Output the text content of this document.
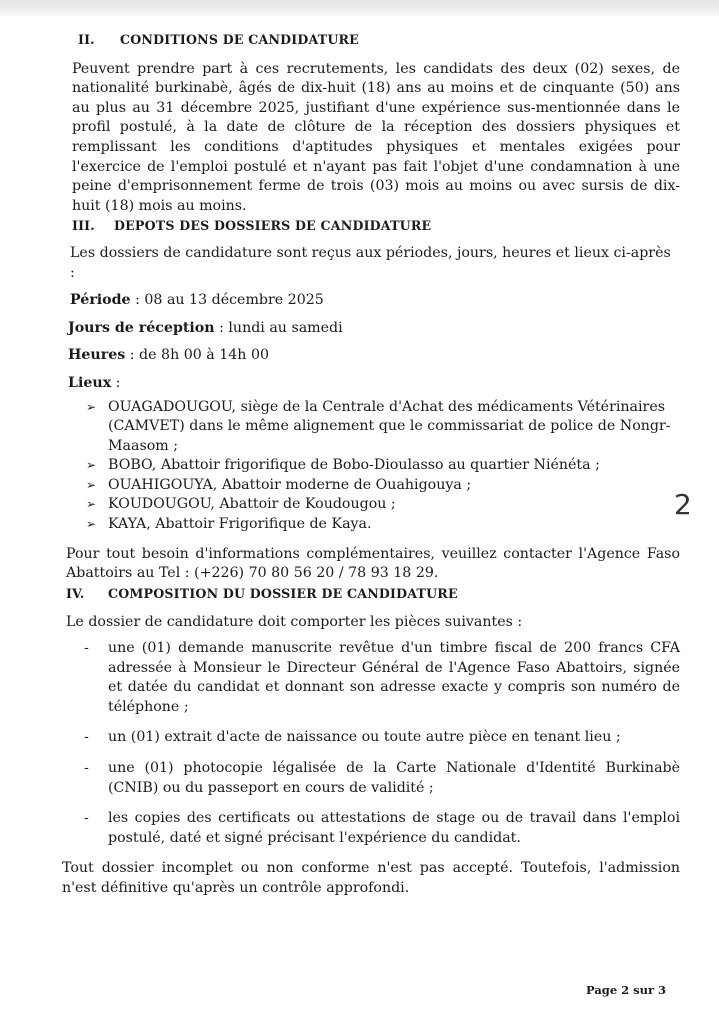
II.	CONDITIONS DE CANDIDATURE

Peuvent prendre part à ces recrutements, les candidats des deux (02) sexes, de nationalité burkinabè, âgés de dix-huit (18) ans au moins et de cinquante (50) ans au plus au 31 décembre 2025, justifiant d'une expérience sus-mentionnée dans le profil postulé, à la date de clôture de la réception des dossiers physiques et remplissant les conditions d'aptitudes physiques et mentales exigées pour l'exercice de l'emploi postulé et n'ayant pas fait l'objet d'une condamnation à une peine d'emprisonnement ferme de trois (03) mois au moins ou avec sursis de dix-huit (18) mois au moins.

III.	DEPOTS DES DOSSIERS DE CANDIDATURE

Les dossiers de candidature sont reçus aux périodes, jours, heures et lieux ci-après :

Période : 08 au 13 décembre 2025

Jours de réception : lundi au samedi

Heures : de 8h 00 à 14h 00

Lieux :

➢ OUAGADOUGOU, siège de la Centrale d'Achat des médicaments Vétérinaires (CAMVET) dans le même alignement que le commissariat de police de Nongr-Maasom ;
➢ BOBO, Abattoir frigorifique de Bobo-Dioulasso au quartier Niénéta ;
➢ OUAHIGOUYA, Abattoir moderne de Ouahigouya ;
➢ KOUDOUGOU, Abattoir de Koudougou ;
➢ KAYA, Abattoir Frigorifique de Kaya.

Pour tout besoin d'informations complémentaires, veuillez contacter l'Agence Faso Abattoirs au Tel : (+226) 70 80 56 20 / 78 93 18 29.

IV.	COMPOSITION DU DOSSIER DE CANDIDATURE

Le dossier de candidature doit comporter les pièces suivantes :

-	une (01) demande manuscrite revêtue d'un timbre fiscal de 200 francs CFA adressée à Monsieur le Directeur Général de l'Agence Faso Abattoirs, signée et datée du candidat et donnant son adresse exacte y compris son numéro de téléphone ;
-	un (01) extrait d'acte de naissance ou toute autre pièce en tenant lieu ;
-	une (01) photocopie légalisée de la Carte Nationale d'Identité Burkinabè (CNIB) ou du passeport en cours de validité ;
-	les copies des certificats ou attestations de stage ou de travail dans l'emploi postulé, daté et signé précisant l'expérience du candidat.

Tout dossier incomplet ou non conforme n'est pas accepté. Toutefois, l'admission n'est définitive qu'après un contrôle approfondi.

2
Page 2 sur 3
